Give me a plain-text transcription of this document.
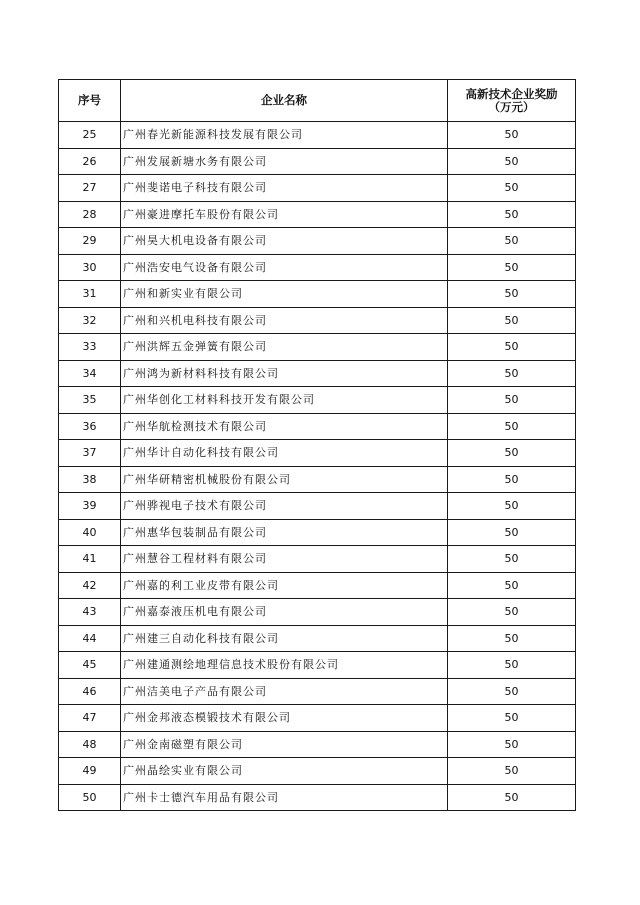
序号	企业名称	高新技术企业奖励
（万元）

25	广州春光新能源科技发展有限公司	50
26	广州发展新塘水务有限公司	50
27	广州斐诺电子科技有限公司	50
28	广州豪进摩托车股份有限公司	50
29	广州昊大机电设备有限公司	50
30	广州浩安电气设备有限公司	50
31	广州和新实业有限公司	50
32	广州和兴机电科技有限公司	50
33	广州洪辉五金弹簧有限公司	50
34	广州鸿为新材料科技有限公司	50
35	广州华创化工材料科技开发有限公司	50
36	广州华航检测技术有限公司	50
37	广州华计自动化科技有限公司	50
38	广州华研精密机械股份有限公司	50
39	广州骅视电子技术有限公司	50
40	广州惠华包装制品有限公司	50
41	广州慧谷工程材料有限公司	50
42	广州嘉的利工业皮带有限公司	50
43	广州嘉泰液压机电有限公司	50
44	广州建三自动化科技有限公司	50
45	广州建通测绘地理信息技术股份有限公司	50
46	广州洁美电子产品有限公司	50
47	广州金邦液态模锻技术有限公司	50
48	广州金南磁塑有限公司	50
49	广州晶绘实业有限公司	50
50	广州卡士德汽车用品有限公司	50
